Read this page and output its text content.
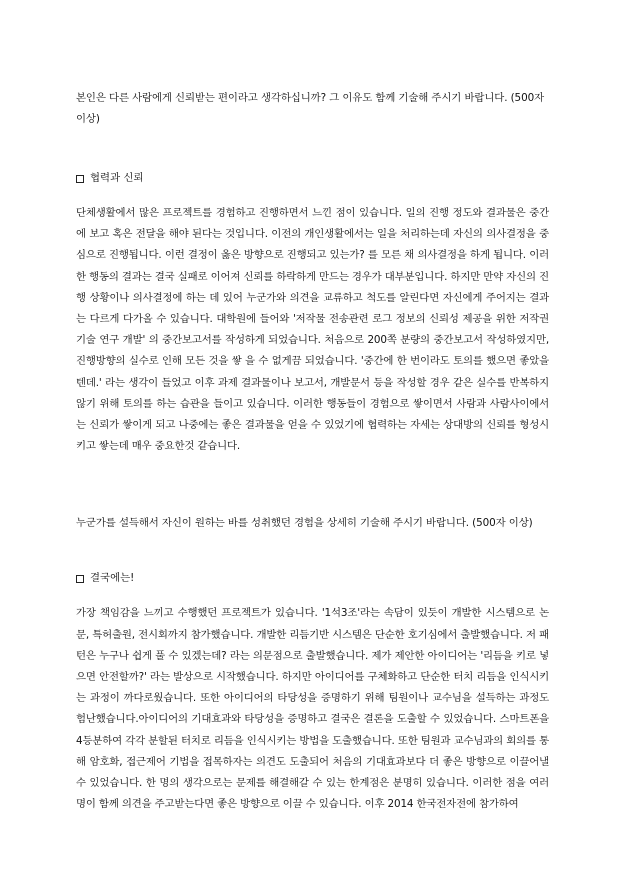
본인은 다른 사람에게 신뢰받는 편이라고 생각하십니까? 그 이유도 함께 기술해 주시기 바랍니다. (500자 이상)

협력과 신뢰

단체생활에서 많은 프로젝트를 경험하고 진행하면서 느낀 점이 있습니다. 일의 진행 정도와 결과물은 중간에 보고 혹은 전달을 해야 된다는 것입니다. 이전의 개인생활에서는 일을 처리하는데 자신의 의사결정을 중심으로 진행됩니다. 이런 결정이 옳은 방향으로 진행되고 있는가? 를 모른 채 의사결정을 하게 됩니다. 이러한 행동의 결과는 결국 실패로 이어져 신뢰를 하락하게 만드는 경우가 대부분입니다. 하지만 만약 자신의 진행 상황이나 의사결정에 하는 데 있어 누군가와 의견을 교류하고 척도를 알린다면 자신에게 주어지는 결과는 다르게 다가올 수 있습니다. 대학원에 들어와 '저작물 전송관련 로그 정보의 신뢰성 제공을 위한 저작권 기술 연구 개발' 의 중간보고서를 작성하게 되었습니다. 처음으로 200쪽 분량의 중간보고서 작성하였지만, 진행방향의 실수로 인해 모든 것을 쌓 을 수 없게끔 되었습니다. '중간에 한 번이라도 토의를 했으면 좋았을 텐데.' 라는 생각이 들었고 이후 과제 결과물이나 보고서, 개발문서 등을 작성할 경우 같은 실수를 반복하지 않기 위해 토의를 하는 습관을 들이고 있습니다. 이러한 행동들이 경험으로 쌓이면서 사람과 사람사이에서는 신뢰가 쌓이게 되고 나중에는 좋은 결과물을 얻을 수 있었기에 협력하는 자세는 상대방의 신뢰를 형성시키고 쌓는데 매우 중요한것 같습니다.

누군가를 설득해서 자신이 원하는 바를 성취했던 경험을 상세히 기술해 주시기 바랍니다. (500자 이상)

결국에는!

가장 책임감을 느끼고 수행했던 프로젝트가 있습니다. '1석3조'라는 속담이 있듯이 개발한 시스템으로 논문, 특허출원, 전시회까지 참가했습니다. 개발한 리듬기반 시스템은 단순한 호기심에서 출발했습니다. 저 패턴은 누구나 쉽게 풀 수 있겠는데? 라는 의문점으로 출발했습니다. 제가 제안한 아이디어는 '리듬을 키로 넣으면 안전할까?' 라는 발상으로 시작했습니다. 하지만 아이디어를 구체화하고 단순한 터치 리듬을 인식시키는 과정이 까다로웠습니다. 또한 아이디어의 타당성을 증명하기 위해 팀원이나 교수님을 설득하는 과정도 험난했습니다.아이디어의 기대효과와 타당성을 증명하고 결국은 결론을 도출할 수 있었습니다. 스마트폰을 4등분하여 각각 분할된 터치로 리듬을 인식시키는 방법을 도출했습니다. 또한 팀원과 교수님과의 회의를 통해 암호화, 접근제어 기법을 접목하자는 의견도 도출되어 처음의 기대효과보다 더 좋은 방향으로 이끌어낼 수 있었습니다. 한 명의 생각으로는 문제를 해결해갈 수 있는 한계점은 분명히 있습니다. 이러한 점을 여러 명이 함께 의견을 주고받는다면 좋은 방향으로 이끌 수 있습니다. 이후 2014 한국전자전에 참가하여
